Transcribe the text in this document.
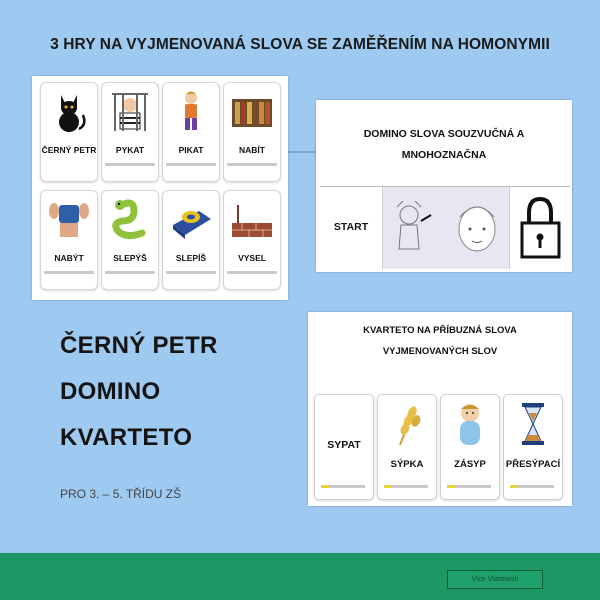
3 HRY NA VYJMENOVANÁ SLOVA SE ZAMĚŘENÍM NA HOMONYMII
ČERNÝ PETR	PYKAT	PIKAT	NABÍT
NABÝT	SLEPÝŠ	SLEPÍŠ	VYSEL
DOMINO SLOVA SOUZVUČNÁ A
MNOHOZNAČNA
START
KVARTETO NA PŘÍBUZNÁ SLOVA
VYJMENOVANÝCH SLOV
SYPAT
SÝPKA	ZÁSYP	PŘESÝPACÍ
ČERNÝ PETR
DOMINO
KVARTETO
PRO 3. – 5. TŘÍDU ZŠ
Více Vlastností
